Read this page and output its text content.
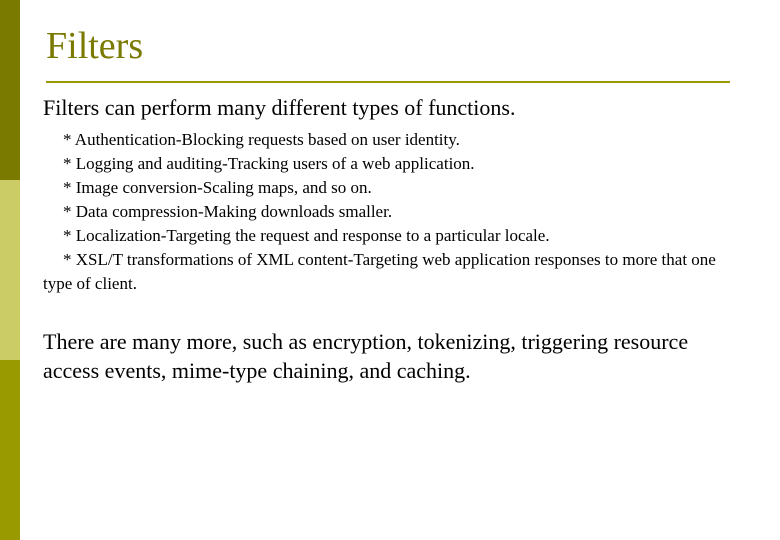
Filters
Filters can perform many different types of functions.
* Authentication-Blocking requests based on user identity.
* Logging and auditing-Tracking users of a web application.
* Image conversion-Scaling maps, and so on.
* Data compression-Making downloads smaller.
* Localization-Targeting the request and response to a particular locale.
* XSL/T transformations of XML content-Targeting web application responses to more that one type of client.
There are many more, such as encryption, tokenizing, triggering resource access events, mime-type chaining, and caching.
